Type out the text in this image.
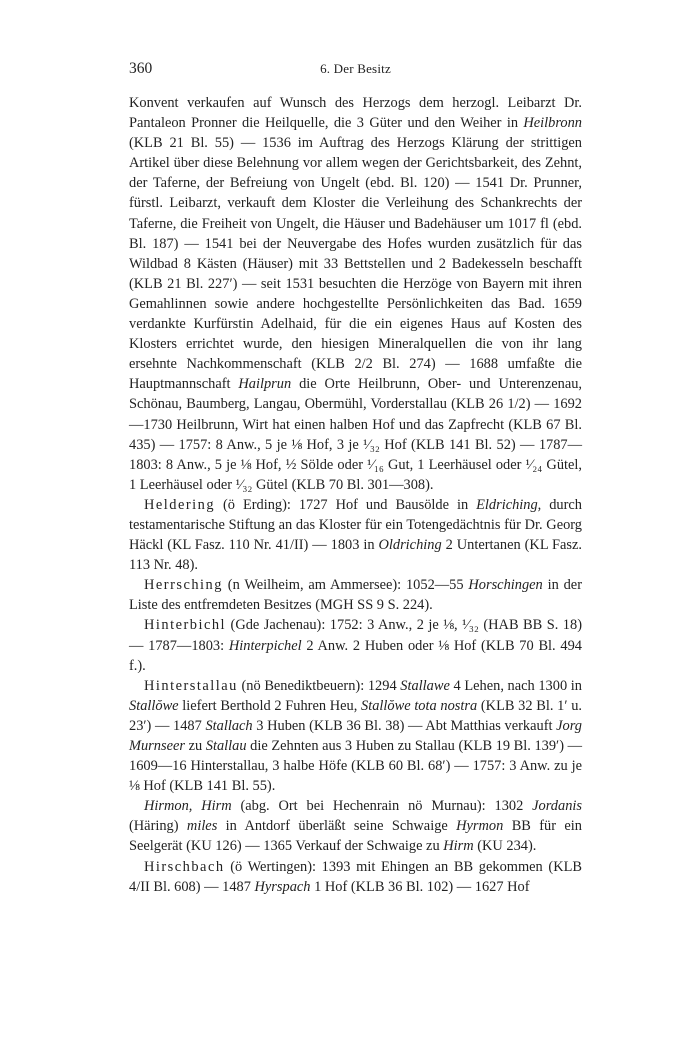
360	6. Der Besitz

Konvent verkaufen auf Wunsch des Herzogs dem herzogl. Leibarzt Dr. Pantaleon Pronner die Heilquelle, die 3 Güter und den Weiher in Heilbronn (KLB 21 Bl. 55) — 1536 im Auftrag des Herzogs Klärung der strittigen Artikel über diese Belehnung vor allem wegen der Gerichtsbarkeit, des Zehnt, der Taferne, der Befreiung von Ungelt (ebd. Bl. 120) — 1541 Dr. Prunner, fürstl. Leibarzt, verkauft dem Kloster die Verleihung des Schankrechts der Taferne, die Freiheit von Ungelt, die Häuser und Badehäuser um 1017 fl (ebd. Bl. 187) — 1541 bei der Neuvergabe des Hofes wurden zusätzlich für das Wildbad 8 Kästen (Häuser) mit 33 Bettstellen und 2 Badekesseln beschafft (KLB 21 Bl. 227′) — seit 1531 besuchten die Herzöge von Bayern mit ihren Gemahlinnen sowie andere hochgestellte Persönlichkeiten das Bad. 1659 verdankte Kurfürstin Adelhaid, für die ein eigenes Haus auf Kosten des Klosters errichtet wurde, den hiesigen Mineralquellen die von ihr lang ersehnte Nachkommenschaft (KLB 2/2 Bl. 274) — 1688 umfaßte die Hauptmannschaft Hailprun die Orte Heilbrunn, Ober- und Unterenzenau, Schönau, Baumberg, Langau, Obermühl, Vorderstallau (KLB 26 1/2) — 1692—1730 Heilbrunn, Wirt hat einen halben Hof und das Zapfrecht (KLB 67 Bl. 435) — 1757: 8 Anw., 5 je ⅛ Hof, 3 je ¹⁄₃₂ Hof (KLB 141 Bl. 52) — 1787—1803: 8 Anw., 5 je ⅛ Hof, ½ Sölde oder ¹⁄₁₆ Gut, 1 Leerhäusel oder ¹⁄₂₄ Gütel, 1 Leerhäusel oder ¹⁄₃₂ Gütel (KLB 70 Bl. 301—308).

Heldering (ö Erding): 1727 Hof und Bausölde in Eldriching, durch testamentarische Stiftung an das Kloster für ein Totengedächtnis für Dr. Georg Häckl (KL Fasz. 110 Nr. 41/II) — 1803 in Oldriching 2 Untertanen (KL Fasz. 113 Nr. 48).

Herrsching (n Weilheim, am Ammersee): 1052—55 Horschingen in der Liste des entfremdeten Besitzes (MGH SS 9 S. 224).

Hinterbichl (Gde Jachenau): 1752: 3 Anw., 2 je ⅛, ¹⁄₃₂ (HAB BB S. 18) — 1787—1803: Hinterpichel 2 Anw. 2 Huben oder ⅛ Hof (KLB 70 Bl. 494 f.).

Hinterstallau (nö Benediktbeuern): 1294 Stallawe 4 Lehen, nach 1300 in Stallŏwe liefert Berthold 2 Fuhren Heu, Stallŏwe tota nostra (KLB 32 Bl. 1′ u. 23′) — 1487 Stallach 3 Huben (KLB 36 Bl. 38) — Abt Matthias verkauft Jorg Murnseer zu Stallau die Zehnten aus 3 Huben zu Stallau (KLB 19 Bl. 139′) — 1609—16 Hinterstallau, 3 halbe Höfe (KLB 60 Bl. 68′) — 1757: 3 Anw. zu je ⅛ Hof (KLB 141 Bl. 55).

Hirmon, Hirm (abg. Ort bei Hechenrain nö Murnau): 1302 Jordanis (Häring) miles in Antdorf überläßt seine Schwaige Hyrmon BB für ein Seelgerät (KU 126) — 1365 Verkauf der Schwaige zu Hirm (KU 234).

Hirschbach (ö Wertingen): 1393 mit Ehingen an BB gekommen (KLB 4/II Bl. 608) — 1487 Hyrspach 1 Hof (KLB 36 Bl. 102) — 1627 Hof
